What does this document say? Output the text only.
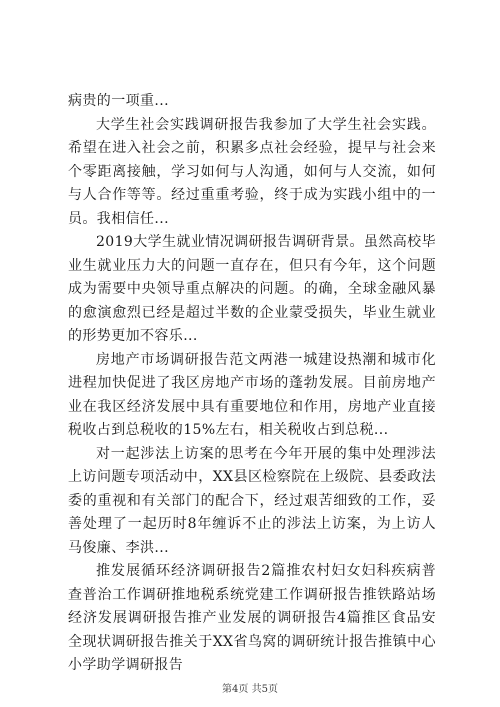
病贵的一项重...

大学生社会实践调研报告我参加了大学生社会实践。希望在进入社会之前，积累多点社会经验，提早与社会来个零距离接触，学习如何与人沟通，如何与人交流，如何与人合作等等。经过重重考验，终于成为实践小组中的一员。我相信任...

2019大学生就业情况调研报告调研背景。虽然高校毕业生就业压力大的问题一直存在，但只有今年，这个问题成为需要中央领导重点解决的问题。的确，全球金融风暴的愈演愈烈已经是超过半数的企业蒙受损失，毕业生就业的形势更加不容乐...

房地产市场调研报告范文两港一城建设热潮和城市化进程加快促进了我区房地产市场的蓬勃发展。目前房地产业在我区经济发展中具有重要地位和作用，房地产业直接税收占到总税收的15%左右，相关税收占到总税...

对一起涉法上访案的思考在今年开展的集中处理涉法上访问题专项活动中，XX县区检察院在上级院、县委政法委的重视和有关部门的配合下，经过艰苦细致的工作，妥善处理了一起历时8年缠诉不止的涉法上访案，为上访人马俊廉、李洪...

推发展循环经济调研报告2篇推农村妇女妇科疾病普查普治工作调研推地税系统党建工作调研报告推铁路站场经济发展调研报告推产业发展的调研报告4篇推区食品安全现状调研报告推关于XX省鸟窝的调研统计报告推镇中心小学助学调研报告

第4页 共5页
